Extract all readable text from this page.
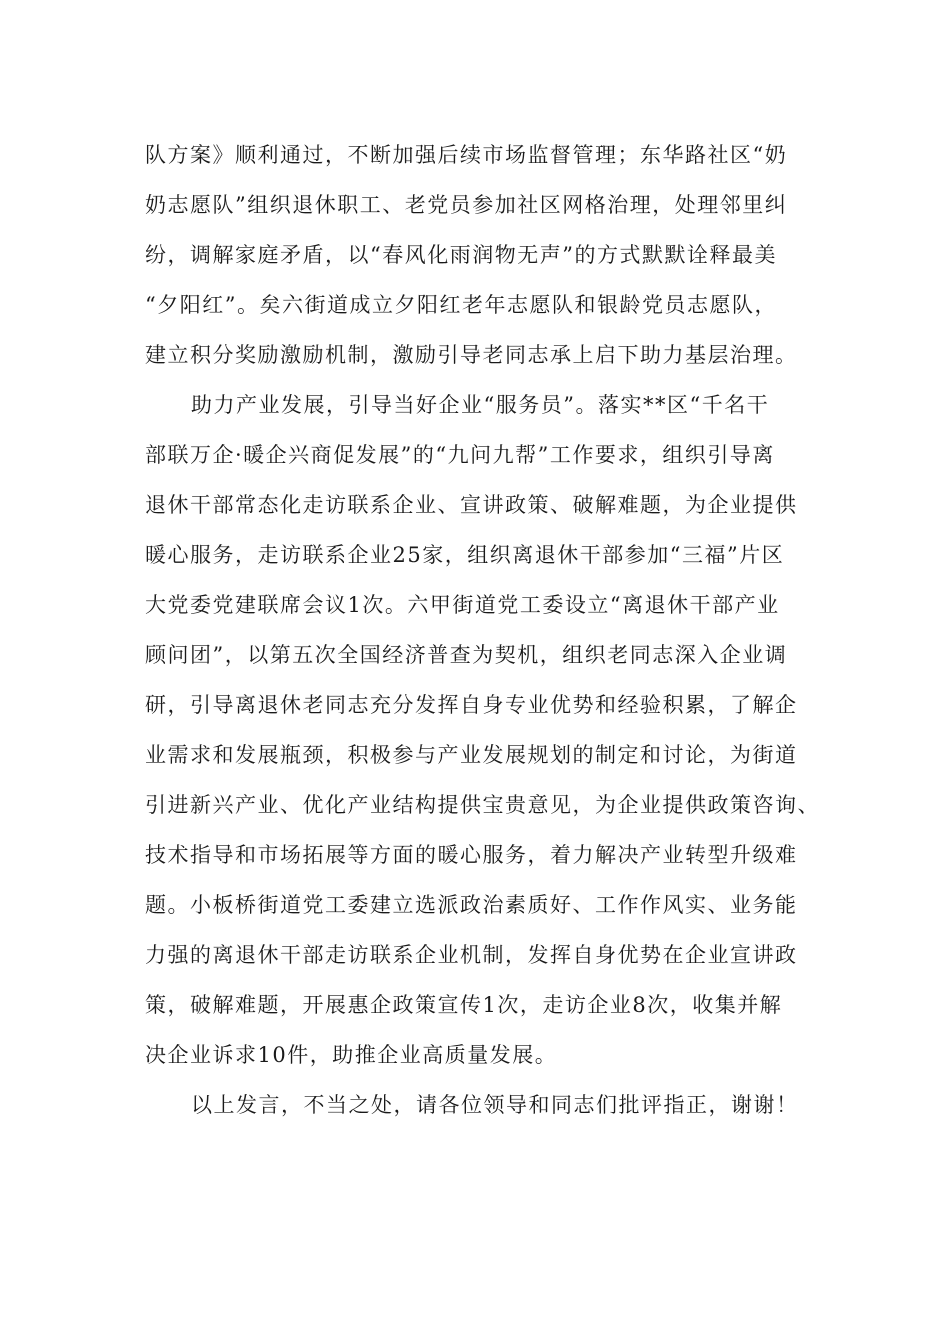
队方案》顺利通过，不断加强后续市场监督管理；东华路社区“奶
奶志愿队”组织退休职工、老党员参加社区网格治理，处理邻里纠
纷，调解家庭矛盾，以“春风化雨润物无声”的方式默默诠释最美
“夕阳红”。矣六街道成立夕阳红老年志愿队和银龄党员志愿队，
建立积分奖励激励机制，激励引导老同志承上启下助力基层治理。
助力产业发展，引导当好企业“服务员”。落实**区“千名干
部联万企·暖企兴商促发展”的“九问九帮”工作要求，组织引导离
退休干部常态化走访联系企业、宣讲政策、破解难题，为企业提供
暖心服务，走访联系企业25家，组织离退休干部参加“三福”片区
大党委党建联席会议1次。六甲街道党工委设立“离退休干部产业
顾问团”，以第五次全国经济普查为契机，组织老同志深入企业调
研，引导离退休老同志充分发挥自身专业优势和经验积累，了解企
业需求和发展瓶颈，积极参与产业发展规划的制定和讨论，为街道
引进新兴产业、优化产业结构提供宝贵意见，为企业提供政策咨询、
技术指导和市场拓展等方面的暖心服务，着力解决产业转型升级难
题。小板桥街道党工委建立选派政治素质好、工作作风实、业务能
力强的离退休干部走访联系企业机制，发挥自身优势在企业宣讲政
策，破解难题，开展惠企政策宣传1次，走访企业8次，收集并解
决企业诉求10件，助推企业高质量发展。
以上发言，不当之处，请各位领导和同志们批评指正，谢谢！
